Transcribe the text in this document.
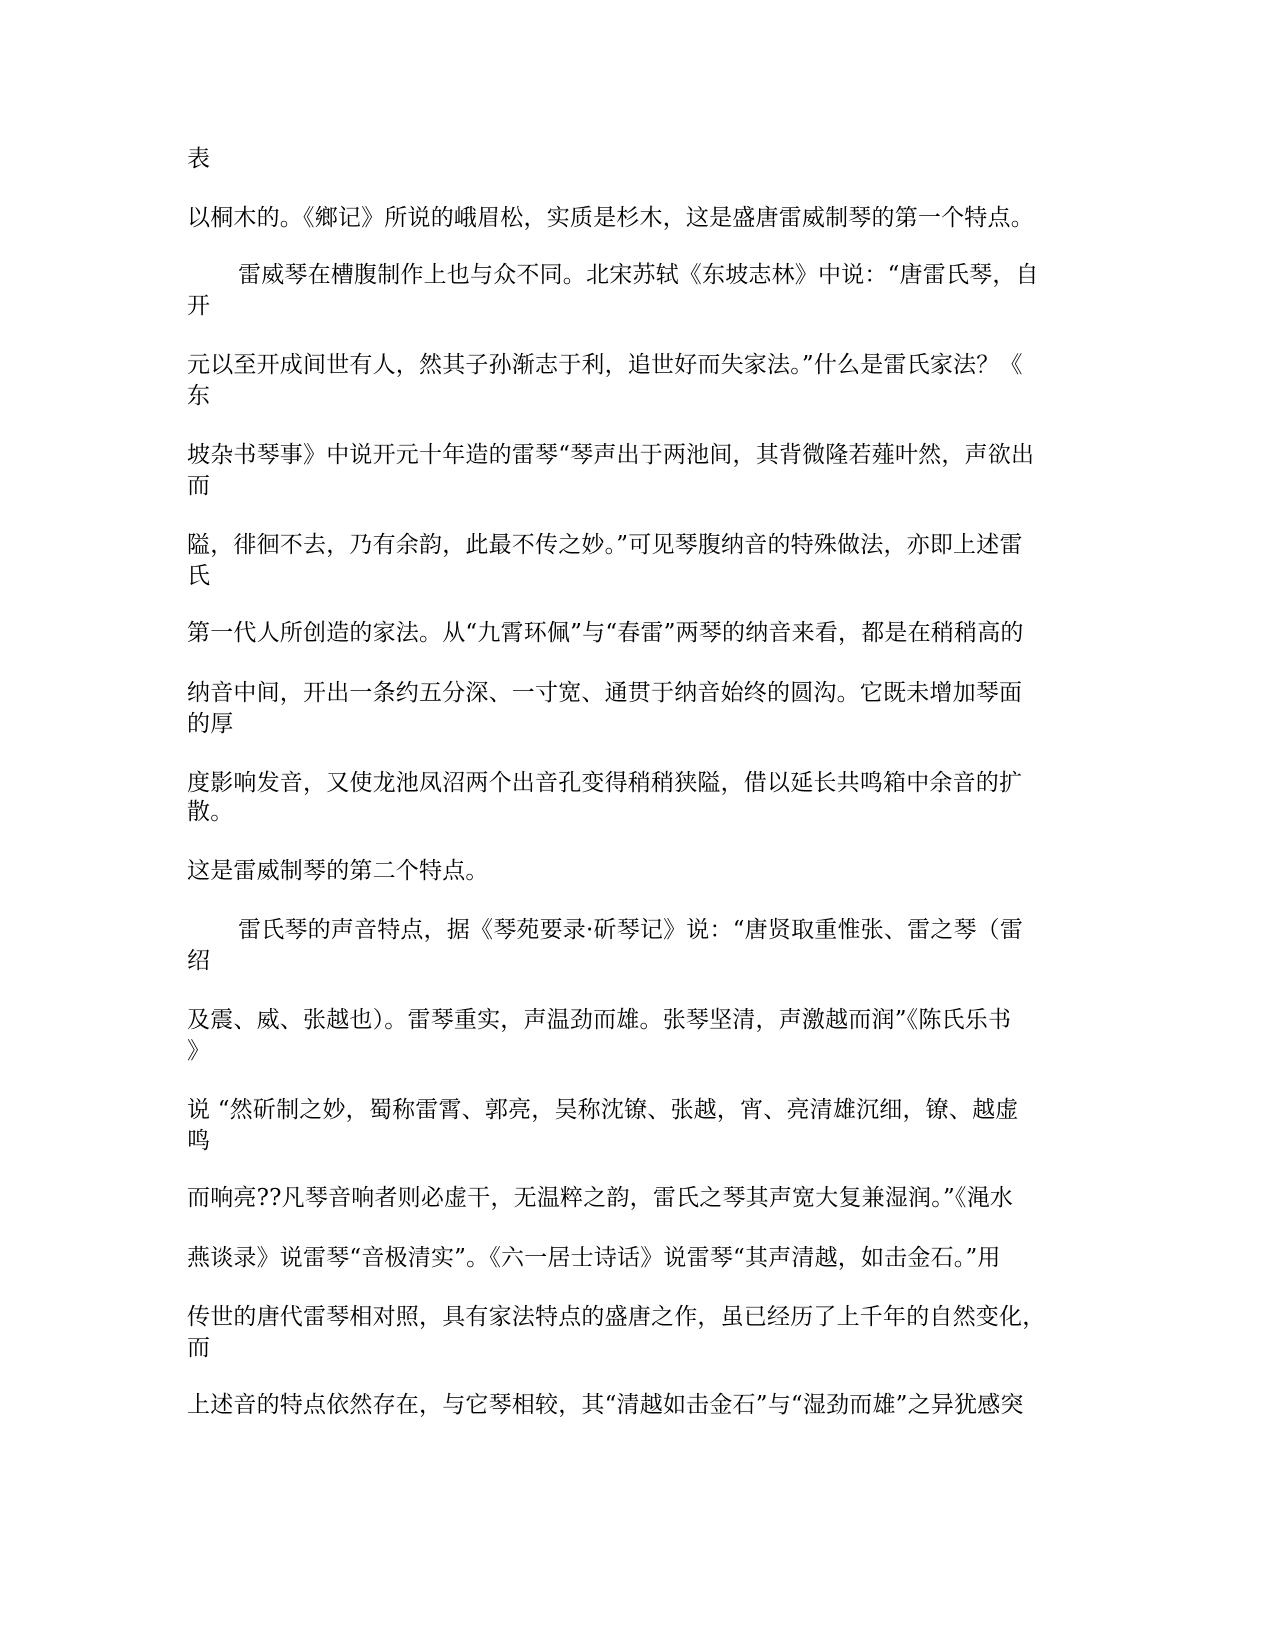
表
以桐木的。《鄉记》所说的峨眉松，实质是杉木，这是盛唐雷威制琴的第一个特点。
雷威琴在槽腹制作上也与众不同。北宋苏轼《东坡志林》中说：“唐雷氏琴，自
开
元以至开成间世有人，然其子孙渐志于利，追世好而失家法。”什么是雷氏家法？《
东
坡杂书琴事》中说开元十年造的雷琴“琴声出于两池间，其背微隆若薤叶然，声欲出
而
隘，徘徊不去，乃有余韵，此最不传之妙。”可见琴腹纳音的特殊做法，亦即上述雷
氏
第一代人所创造的家法。从“九霄环佩”与“春雷”两琴的纳音来看，都是在稍稍高的
纳音中间，开出一条约五分深、一寸宽、通贯于纳音始终的圆沟。它既未增加琴面
的厚
度影响发音，又使龙池凤沼两个出音孔变得稍稍狭隘，借以延长共鸣箱中余音的扩
散。
这是雷威制琴的第二个特点。
雷氏琴的声音特点，据《琴苑要录·斫琴记》说：“唐贤取重惟张、雷之琴（雷
绍
及震、威、张越也）。雷琴重实，声温劲而雄。张琴坚清，声激越而润”《陈氏乐书
》
说 “然斫制之妙，蜀称雷霄、郭亮，吴称沈镣、张越，宵、亮清雄沉细，镣、越虚
鸣
而响亮??凡琴音响者则必虚干，无温粹之韵，雷氏之琴其声宽大复兼湿润。”《渑水
燕谈录》说雷琴“音极清实”。《六一居士诗话》说雷琴“其声清越，如击金石。”用
传世的唐代雷琴相对照，具有家法特点的盛唐之作，虽已经历了上千年的自然变化，
而
上述音的特点依然存在，与它琴相较，其“清越如击金石”与“湿劲而雄”之异犹感突
